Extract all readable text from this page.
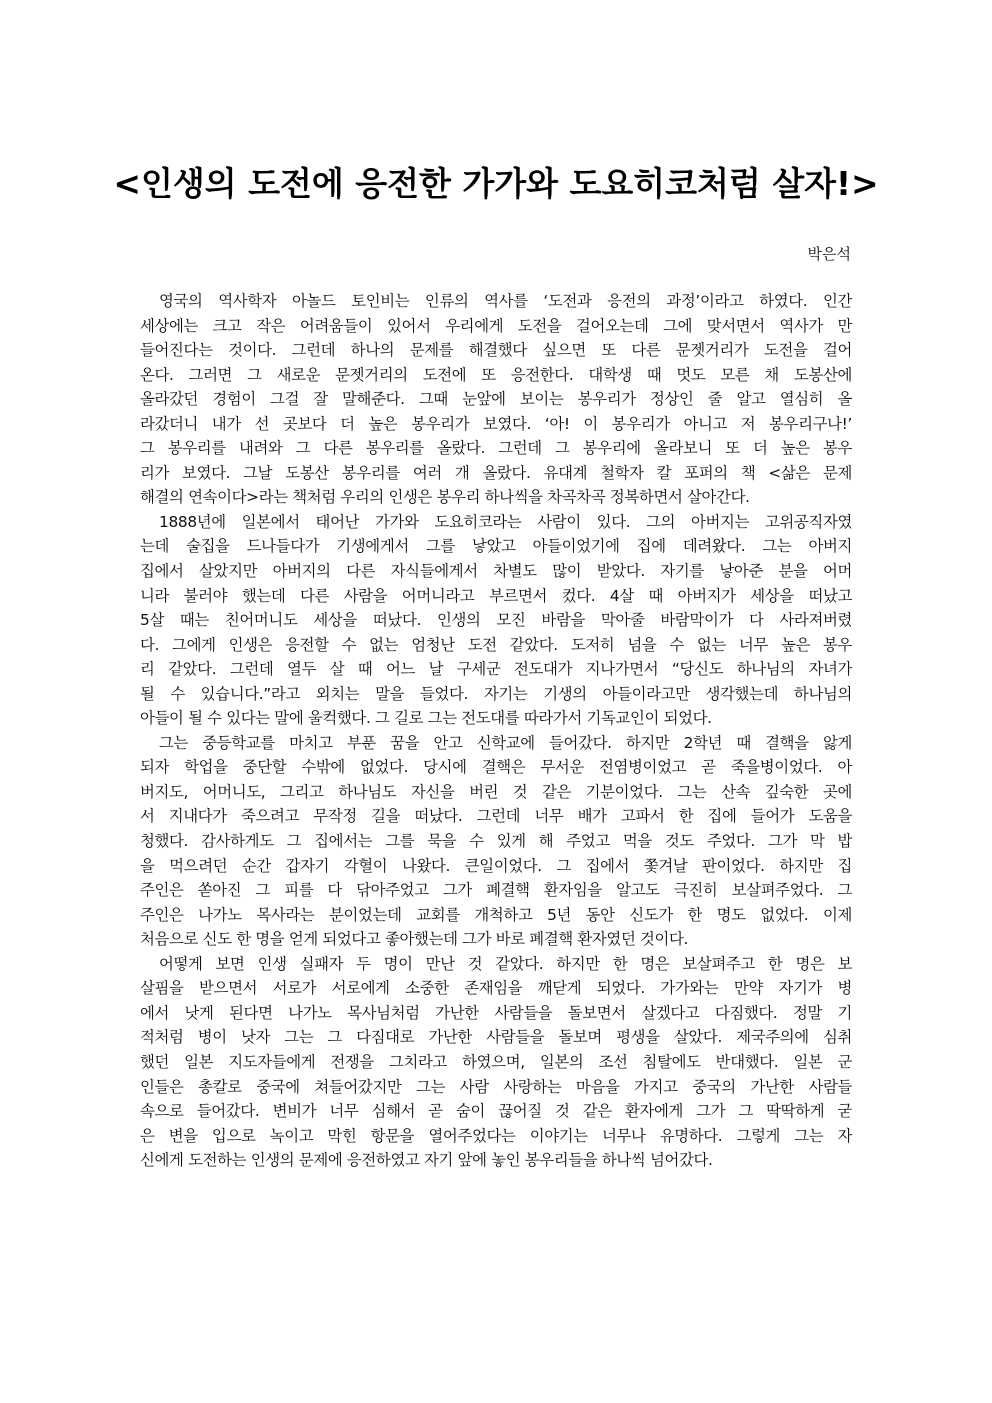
<인생의 도전에 응전한 가가와 도요히코처럼 살자!>
박은석
영국의 역사학자 아놀드 토인비는 인류의 역사를 ‘도전과 응전의 과정’이라고 하였다. 인간
세상에는 크고 작은 어려움들이 있어서 우리에게 도전을 걸어오는데 그에 맞서면서 역사가 만
들어진다는 것이다. 그런데 하나의 문제를 해결했다 싶으면 또 다른 문젯거리가 도전을 걸어
온다. 그러면 그 새로운 문젯거리의 도전에 또 응전한다. 대학생 때 멋도 모른 채 도봉산에
올라갔던 경험이 그걸 잘 말해준다. 그때 눈앞에 보이는 봉우리가 정상인 줄 알고 열심히 올
라갔더니 내가 선 곳보다 더 높은 봉우리가 보였다. ‘아! 이 봉우리가 아니고 저 봉우리구나!’
그 봉우리를 내려와 그 다른 봉우리를 올랐다. 그런데 그 봉우리에 올라보니 또 더 높은 봉우
리가 보였다. 그날 도봉산 봉우리를 여러 개 올랐다. 유대계 철학자 칼 포퍼의 책 <삶은 문제
해결의 연속이다>라는 책처럼 우리의 인생은 봉우리 하나씩을 차곡차곡 정복하면서 살아간다.
1888년에 일본에서 태어난 가가와 도요히코라는 사람이 있다. 그의 아버지는 고위공직자였
는데 술집을 드나들다가 기생에게서 그를 낳았고 아들이었기에 집에 데려왔다. 그는 아버지
집에서 살았지만 아버지의 다른 자식들에게서 차별도 많이 받았다. 자기를 낳아준 분을 어머
니라 불러야 했는데 다른 사람을 어머니라고 부르면서 컸다. 4살 때 아버지가 세상을 떠났고
5살 때는 친어머니도 세상을 떠났다. 인생의 모진 바람을 막아줄 바람막이가 다 사라져버렸
다. 그에게 인생은 응전할 수 없는 엄청난 도전 같았다. 도저히 넘을 수 없는 너무 높은 봉우
리 같았다. 그런데 열두 살 때 어느 날 구세군 전도대가 지나가면서 “당신도 하나님의 자녀가
될 수 있습니다.”라고 외치는 말을 들었다. 자기는 기생의 아들이라고만 생각했는데 하나님의
아들이 될 수 있다는 말에 울컥했다. 그 길로 그는 전도대를 따라가서 기독교인이 되었다.
그는 중등학교를 마치고 부푼 꿈을 안고 신학교에 들어갔다. 하지만 2학년 때 결핵을 앓게
되자 학업을 중단할 수밖에 없었다. 당시에 결핵은 무서운 전염병이었고 곧 죽을병이었다. 아
버지도, 어머니도, 그리고 하나님도 자신을 버린 것 같은 기분이었다. 그는 산속 깊숙한 곳에
서 지내다가 죽으려고 무작정 길을 떠났다. 그런데 너무 배가 고파서 한 집에 들어가 도움을
청했다. 감사하게도 그 집에서는 그를 묵을 수 있게 해 주었고 먹을 것도 주었다. 그가 막 밥
을 먹으려던 순간 갑자기 각혈이 나왔다. 큰일이었다. 그 집에서 쫓겨날 판이었다. 하지만 집
주인은 쏟아진 그 피를 다 닦아주었고 그가 폐결핵 환자임을 알고도 극진히 보살펴주었다. 그
주인은 나가노 목사라는 분이었는데 교회를 개척하고 5년 동안 신도가 한 명도 없었다. 이제
처음으로 신도 한 명을 얻게 되었다고 좋아했는데 그가 바로 폐결핵 환자였던 것이다.
어떻게 보면 인생 실패자 두 명이 만난 것 같았다. 하지만 한 명은 보살펴주고 한 명은 보
살핌을 받으면서 서로가 서로에게 소중한 존재임을 깨닫게 되었다. 가가와는 만약 자기가 병
에서 낫게 된다면 나가노 목사님처럼 가난한 사람들을 돌보면서 살겠다고 다짐했다. 정말 기
적처럼 병이 낫자 그는 그 다짐대로 가난한 사람들을 돌보며 평생을 살았다. 제국주의에 심취
했던 일본 지도자들에게 전쟁을 그치라고 하였으며, 일본의 조선 침탈에도 반대했다. 일본 군
인들은 총칼로 중국에 쳐들어갔지만 그는 사람 사랑하는 마음을 가지고 중국의 가난한 사람들
속으로 들어갔다. 변비가 너무 심해서 곧 숨이 끊어질 것 같은 환자에게 그가 그 딱딱하게 굳
은 변을 입으로 녹이고 막힌 항문을 열어주었다는 이야기는 너무나 유명하다. 그렇게 그는 자
신에게 도전하는 인생의 문제에 응전하였고 자기 앞에 놓인 봉우리들을 하나씩 넘어갔다.
